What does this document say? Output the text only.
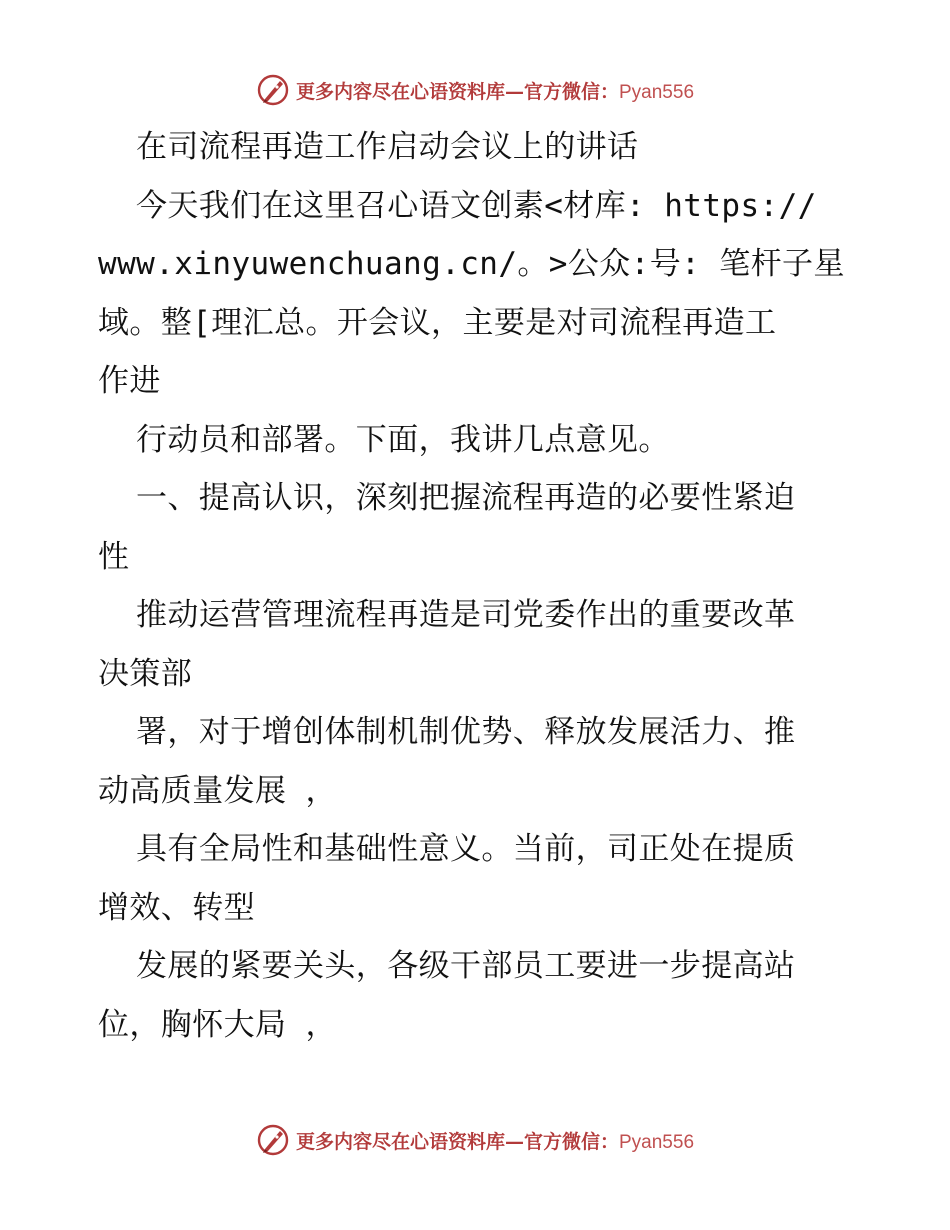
更多内容尽在心语资料库—官方微信：Pyan556
在司流程再造工作启动会议上的讲话
今天我们在这里召心语文创素<材库: https://
www.xinyuwenchuang.cn/。>公众:号: 笔杆子星
域。整[理汇总。开会议，主要是对司流程再造工
作进
行动员和部署。下面，我讲几点意见。
一、提高认识，深刻把握流程再造的必要性紧迫
性
推动运营管理流程再造是司党委作出的重要改革
决策部
署，对于增创体制机制优势、释放发展活力、推
动高质量发展 ，
具有全局性和基础性意义。当前，司正处在提质
增效、转型
发展的紧要关头，各级干部员工要进一步提高站
位，胸怀大局 ，
更多内容尽在心语资料库—官方微信：Pyan556
